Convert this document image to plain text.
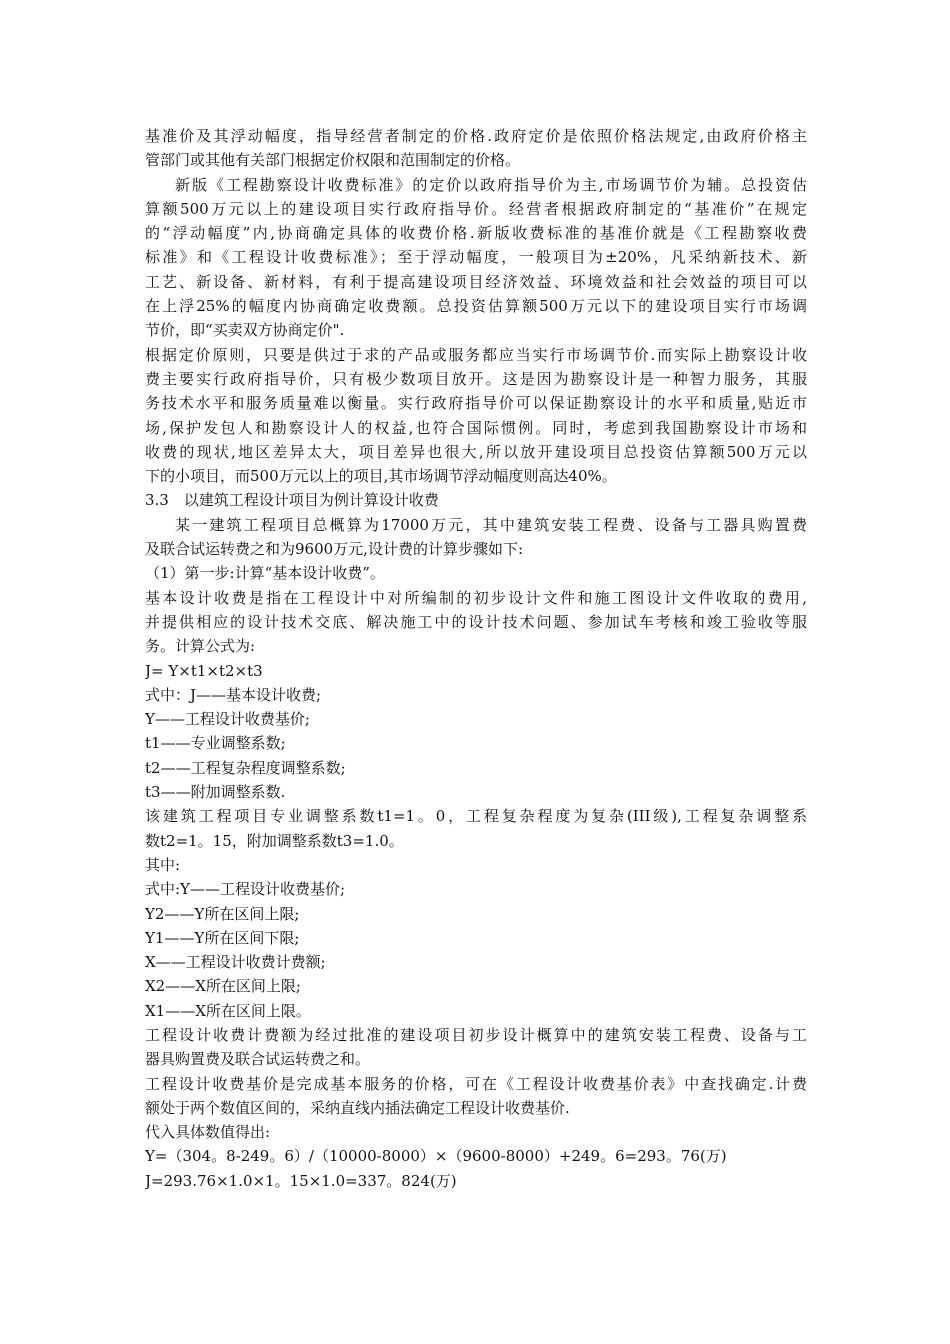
基准价及其浮动幅度，指导经营者制定的价格.政府定价是依照价格法规定,由政府价格主
管部门或其他有关部门根据定价权限和范围制定的价格。
新版《工程勘察设计收费标准》的定价以政府指导价为主,市场调节价为辅。总投资估
算额500万元以上的建设项目实行政府指导价。经营者根据政府制定的“基准价”在规定
的“浮动幅度”内,协商确定具体的收费价格.新版收费标准的基准价就是《工程勘察收费
标准》和《工程设计收费标准》；至于浮动幅度，一般项目为±20%，凡采纳新技术、新
工艺、新设备、新材料，有利于提高建设项目经济效益、环境效益和社会效益的项目可以
在上浮25%的幅度内协商确定收费额。总投资估算额500万元以下的建设项目实行市场调
节价，即“买卖双方协商定价".
根据定价原则，只要是供过于求的产品或服务都应当实行市场调节价.而实际上勘察设计收
费主要实行政府指导价，只有极少数项目放开。这是因为勘察设计是一种智力服务，其服
务技术水平和服务质量难以衡量。实行政府指导价可以保证勘察设计的水平和质量,贴近市
场,保护发包人和勘察设计人的权益,也符合国际惯例。同时，考虑到我国勘察设计市场和
收费的现状,地区差异太大，项目差异也很大,所以放开建设项目总投资估算额500万元以
下的小项目，而500万元以上的项目,其市场调节浮动幅度则高达40%。
3.3　以建筑工程设计项目为例计算设计收费
某一建筑工程项目总概算为17000万元，其中建筑安装工程费、设备与工器具购置费
及联合试运转费之和为9600万元,设计费的计算步骤如下:
（1）第一步:计算“基本设计收费”。
基本设计收费是指在工程设计中对所编制的初步设计文件和施工图设计文件收取的费用,
并提供相应的设计技术交底、解决施工中的设计技术问题、参加试车考核和竣工验收等服
务。计算公式为:
J= Y×t1×t2×t3
式中：J——基本设计收费;
Y——工程设计收费基价;
t1——专业调整系数;
t2——工程复杂程度调整系数;
t3——附加调整系数.
该建筑工程项目专业调整系数t1=1。0，工程复杂程度为复杂(III级),工程复杂调整系
数t2=1。15，附加调整系数t3=1.0。
其中:
式中:Y——工程设计收费基价;
Y2——Y所在区间上限;
Y1——Y所在区间下限;
X——工程设计收费计费额;
X2——X所在区间上限;
X1——X所在区间上限。
工程设计收费计费额为经过批准的建设项目初步设计概算中的建筑安装工程费、设备与工
器具购置费及联合试运转费之和。
工程设计收费基价是完成基本服务的价格，可在《工程设计收费基价表》中查找确定.计费
额处于两个数值区间的，采纳直线内插法确定工程设计收费基价.
代入具体数值得出:
Y=（304。8-249。6）/（10000-8000）×（9600-8000）+249。6=293。76(万)
J=293.76×1.0×1。15×1.0=337。824(万)
